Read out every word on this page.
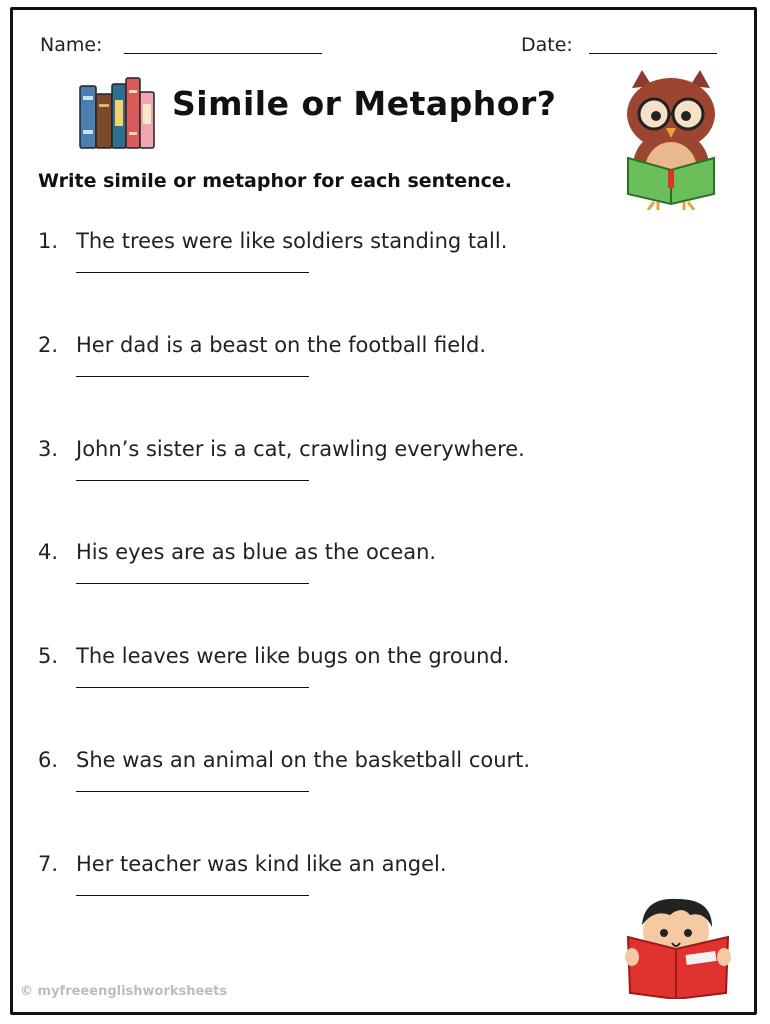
Name:	Date:
Simile or Metaphor?
Write simile or metaphor for each sentence.
1. The trees were like soldiers standing tall.
2. Her dad is a beast on the football field.
3. John’s sister is a cat, crawling everywhere.
4. His eyes are as blue as the ocean.
5. The leaves were like bugs on the ground.
6. She was an animal on the basketball court.
7. Her teacher was kind like an angel.
© myfreeenglishworksheets
